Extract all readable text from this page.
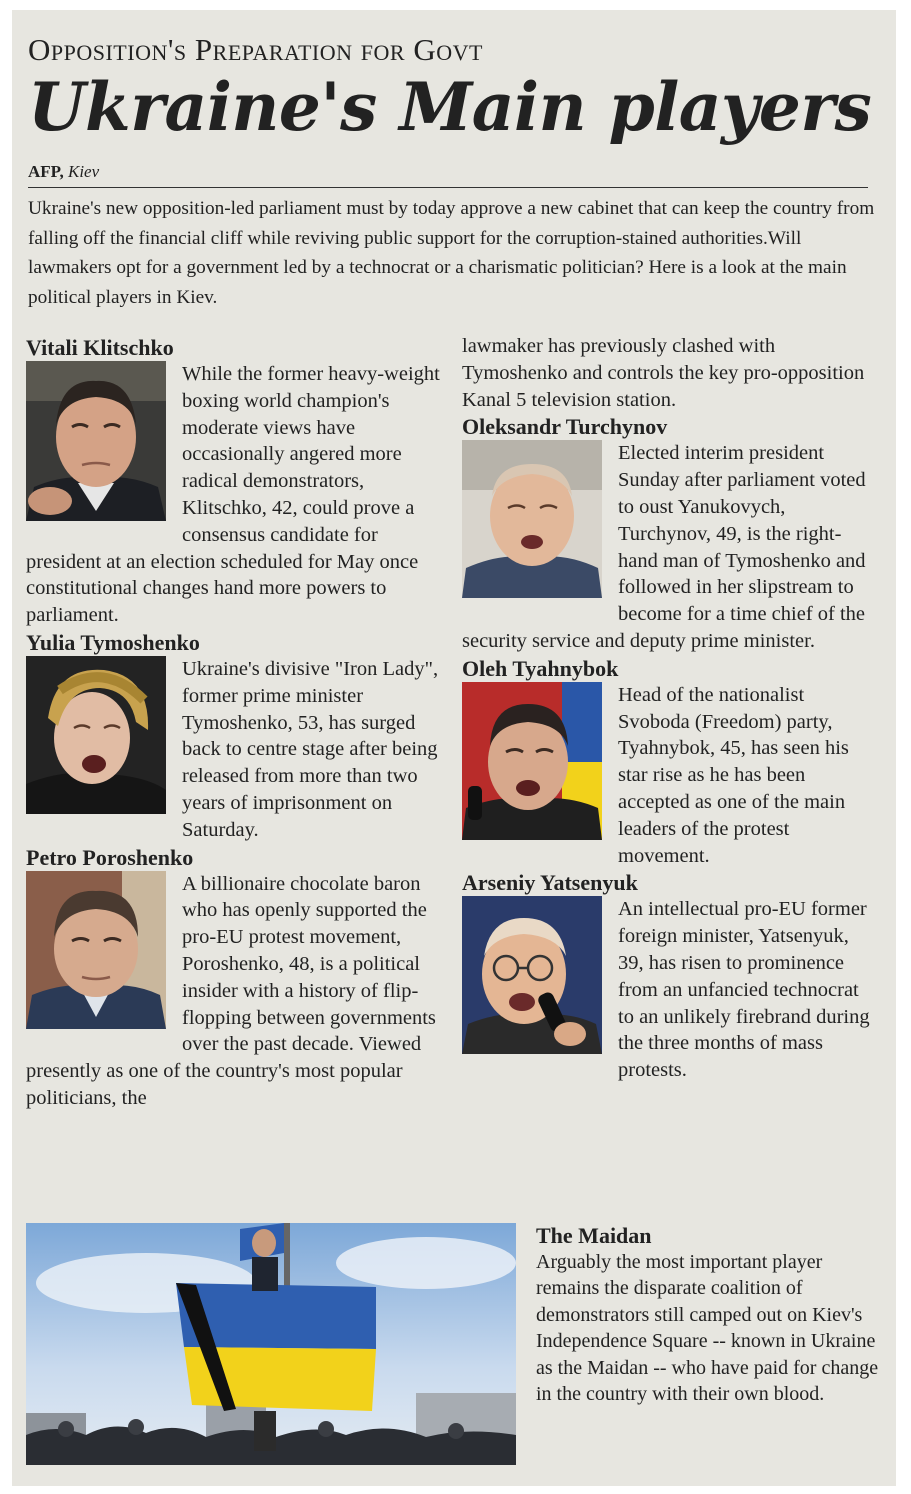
Opposition's Preparation for Govt
Ukraine's Main players
AFP, Kiev
Ukraine's new opposition-led parliament must by today approve a new cabinet that can keep the country from falling off the financial cliff while reviving public support for the corruption-stained authorities.Will lawmakers opt for a government led by a technocrat or a charismatic politician? Here is a look at the main political players in Kiev.
Vitali Klitschko

While the former heavy-weight boxing world champion's moderate views have occasionally angered more radical demonstrators, Klitschko, 42, could prove a consensus candidate for president at an election scheduled for May once constitutional changes hand more powers to parliament.

Yulia Tymoshenko

Ukraine's divisive "Iron Lady", former prime minister Tymoshenko, 53, has surged back to centre stage after being released from more than two years of imprisonment on Saturday.

Petro Poroshenko

A billionaire chocolate baron who has openly supported the pro-EU protest movement, Poroshenko, 48, is a political insider with a history of flip-flopping between governments over the past decade. Viewed presently as one of the country's most popular politicians, the

lawmaker has previously clashed with Tymoshenko and controls the key pro-opposition Kanal 5 television station.

Oleksandr Turchynov

Elected interim president Sunday after parliament voted to oust Yanukovych, Turchynov, 49, is the right-hand man of Tymoshenko and followed in her slipstream to become for a time chief of the security service and deputy prime minister.

Oleh Tyahnybok

Head of the nationalist Svoboda (Freedom) party, Tyahnybok, 45, has seen his star rise as he has been accepted as one of the main leaders of the protest movement.

Arseniy Yatsenyuk

An intellectual pro-EU former foreign minister, Yatsenyuk, 39, has risen to prominence from an unfancied technocrat to an unlikely firebrand during the three months of mass protests.

The Maidan

Arguably the most important player remains the disparate coalition of demonstrators still camped out on Kiev's Independence Square -- known in Ukraine as the Maidan -- who have paid for change in the country with their own blood.
